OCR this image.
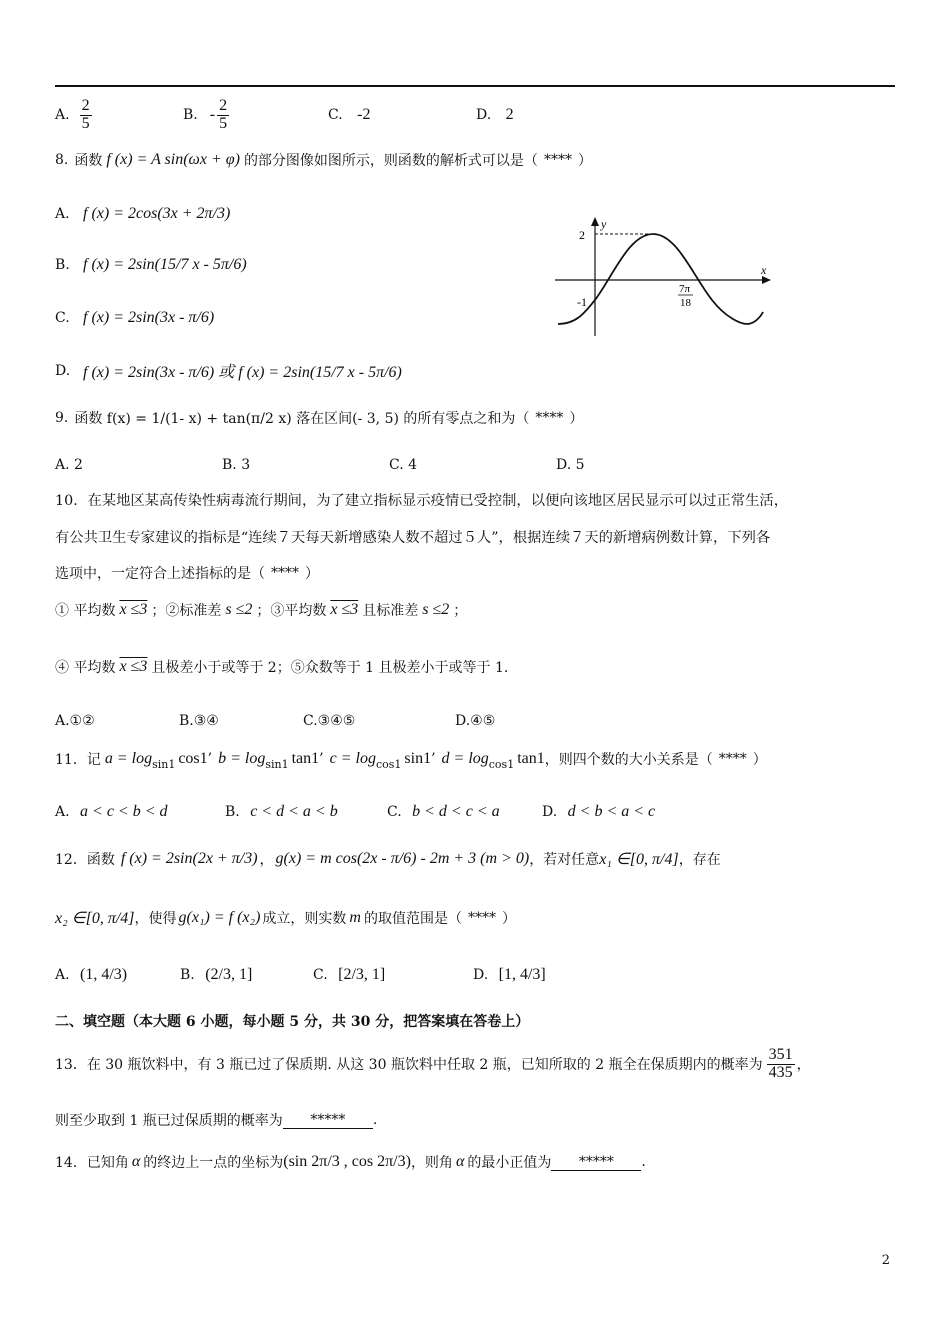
A. $\frac{2}{5}$	B. - $\frac{2}{5}$	C. -2	D. 2
8. 函数 f (x) = A sin(ωx + φ) 的部分图像如图所示，则函数的解析式可以是（ **** ）
A. f (x) = 2cos(3x + 2π/3)
B. f (x) = 2sin(15/7 x - 5π/6)
C. f (x) = 2sin(3x - π/6)
D. f (x) = 2sin(3x - π/6) 或 f (x) = 2sin(15/7 x - 5π/6)
y
x
2
-1
7π
18
9. 函数 f(x) = 1/(1- x) + tan(π/2 x) 落在区间(- 3, 5) 的所有零点之和为（ **** ）
A. 2	B. 3	C. 4	D. 5
10．在某地区某高传染性病毒流行期间，为了建立指标显示疫情已受控制，以便向该地区居民显示可以过正常生活，
有公共卫生专家建议的指标是“连续７天每天新增感染人数不超过５人”，根据连续７天的新增病例数计算，下列各
选项中，一定符合上述指标的是（ **** ）
① 平均数 x ≤3 ；②标准差 s ≤2 ；③平均数 x ≤3 且标准差 s ≤2 ；
④ 平均数 x ≤3 且极差小于或等于 2；⑤众数等于 1 且极差小于或等于 1.
A.①②	B.③④	C.③④⑤	D.④⑤
11．记 a = log sin1 cos1 ’ b = log sin1 tan1 ’ c = log cos1 sin1 ’ d = log cos1 tan1 ，则四个数的大小关系是（ **** ）
A. a < c < b < d	B. c < d < a < b	C. b < d < c < a	D. d < b < a < c
12．函数 f (x) = 2sin(2x + π/3) ， g(x) = m cos(2x - π/6) - 2m + 3 (m > 0) ，若对任意 x₁ ∈[0, π/4] ，存在
x₂ ∈[0, π/4] ，使得 g(x₁) = f (x₂) 成立，则实数 m 的取值范围是（ **** ）
A. (1, 4/3)	B. (2/3, 1]	C. [2/3, 1]	D. [1, 4/3]
二、填空题（本大题 6 小题，每小题 5 分，共 30 分，把答案填在答卷上）
13．在 30 瓶饮料中，有 3 瓶已过了保质期. 从这 30 瓶饮料中任取 2 瓶，已知所取的 2 瓶全在保质期内的概率为 $\frac{351}{435}$ ，
则至少取到 1 瓶已过保质期的概率为	*****	.
14．已知角 α 的终边上一点的坐标为 (sin 2π/3 , cos 2π/3) ，则角 α 的最小正值为	*****	.
2
